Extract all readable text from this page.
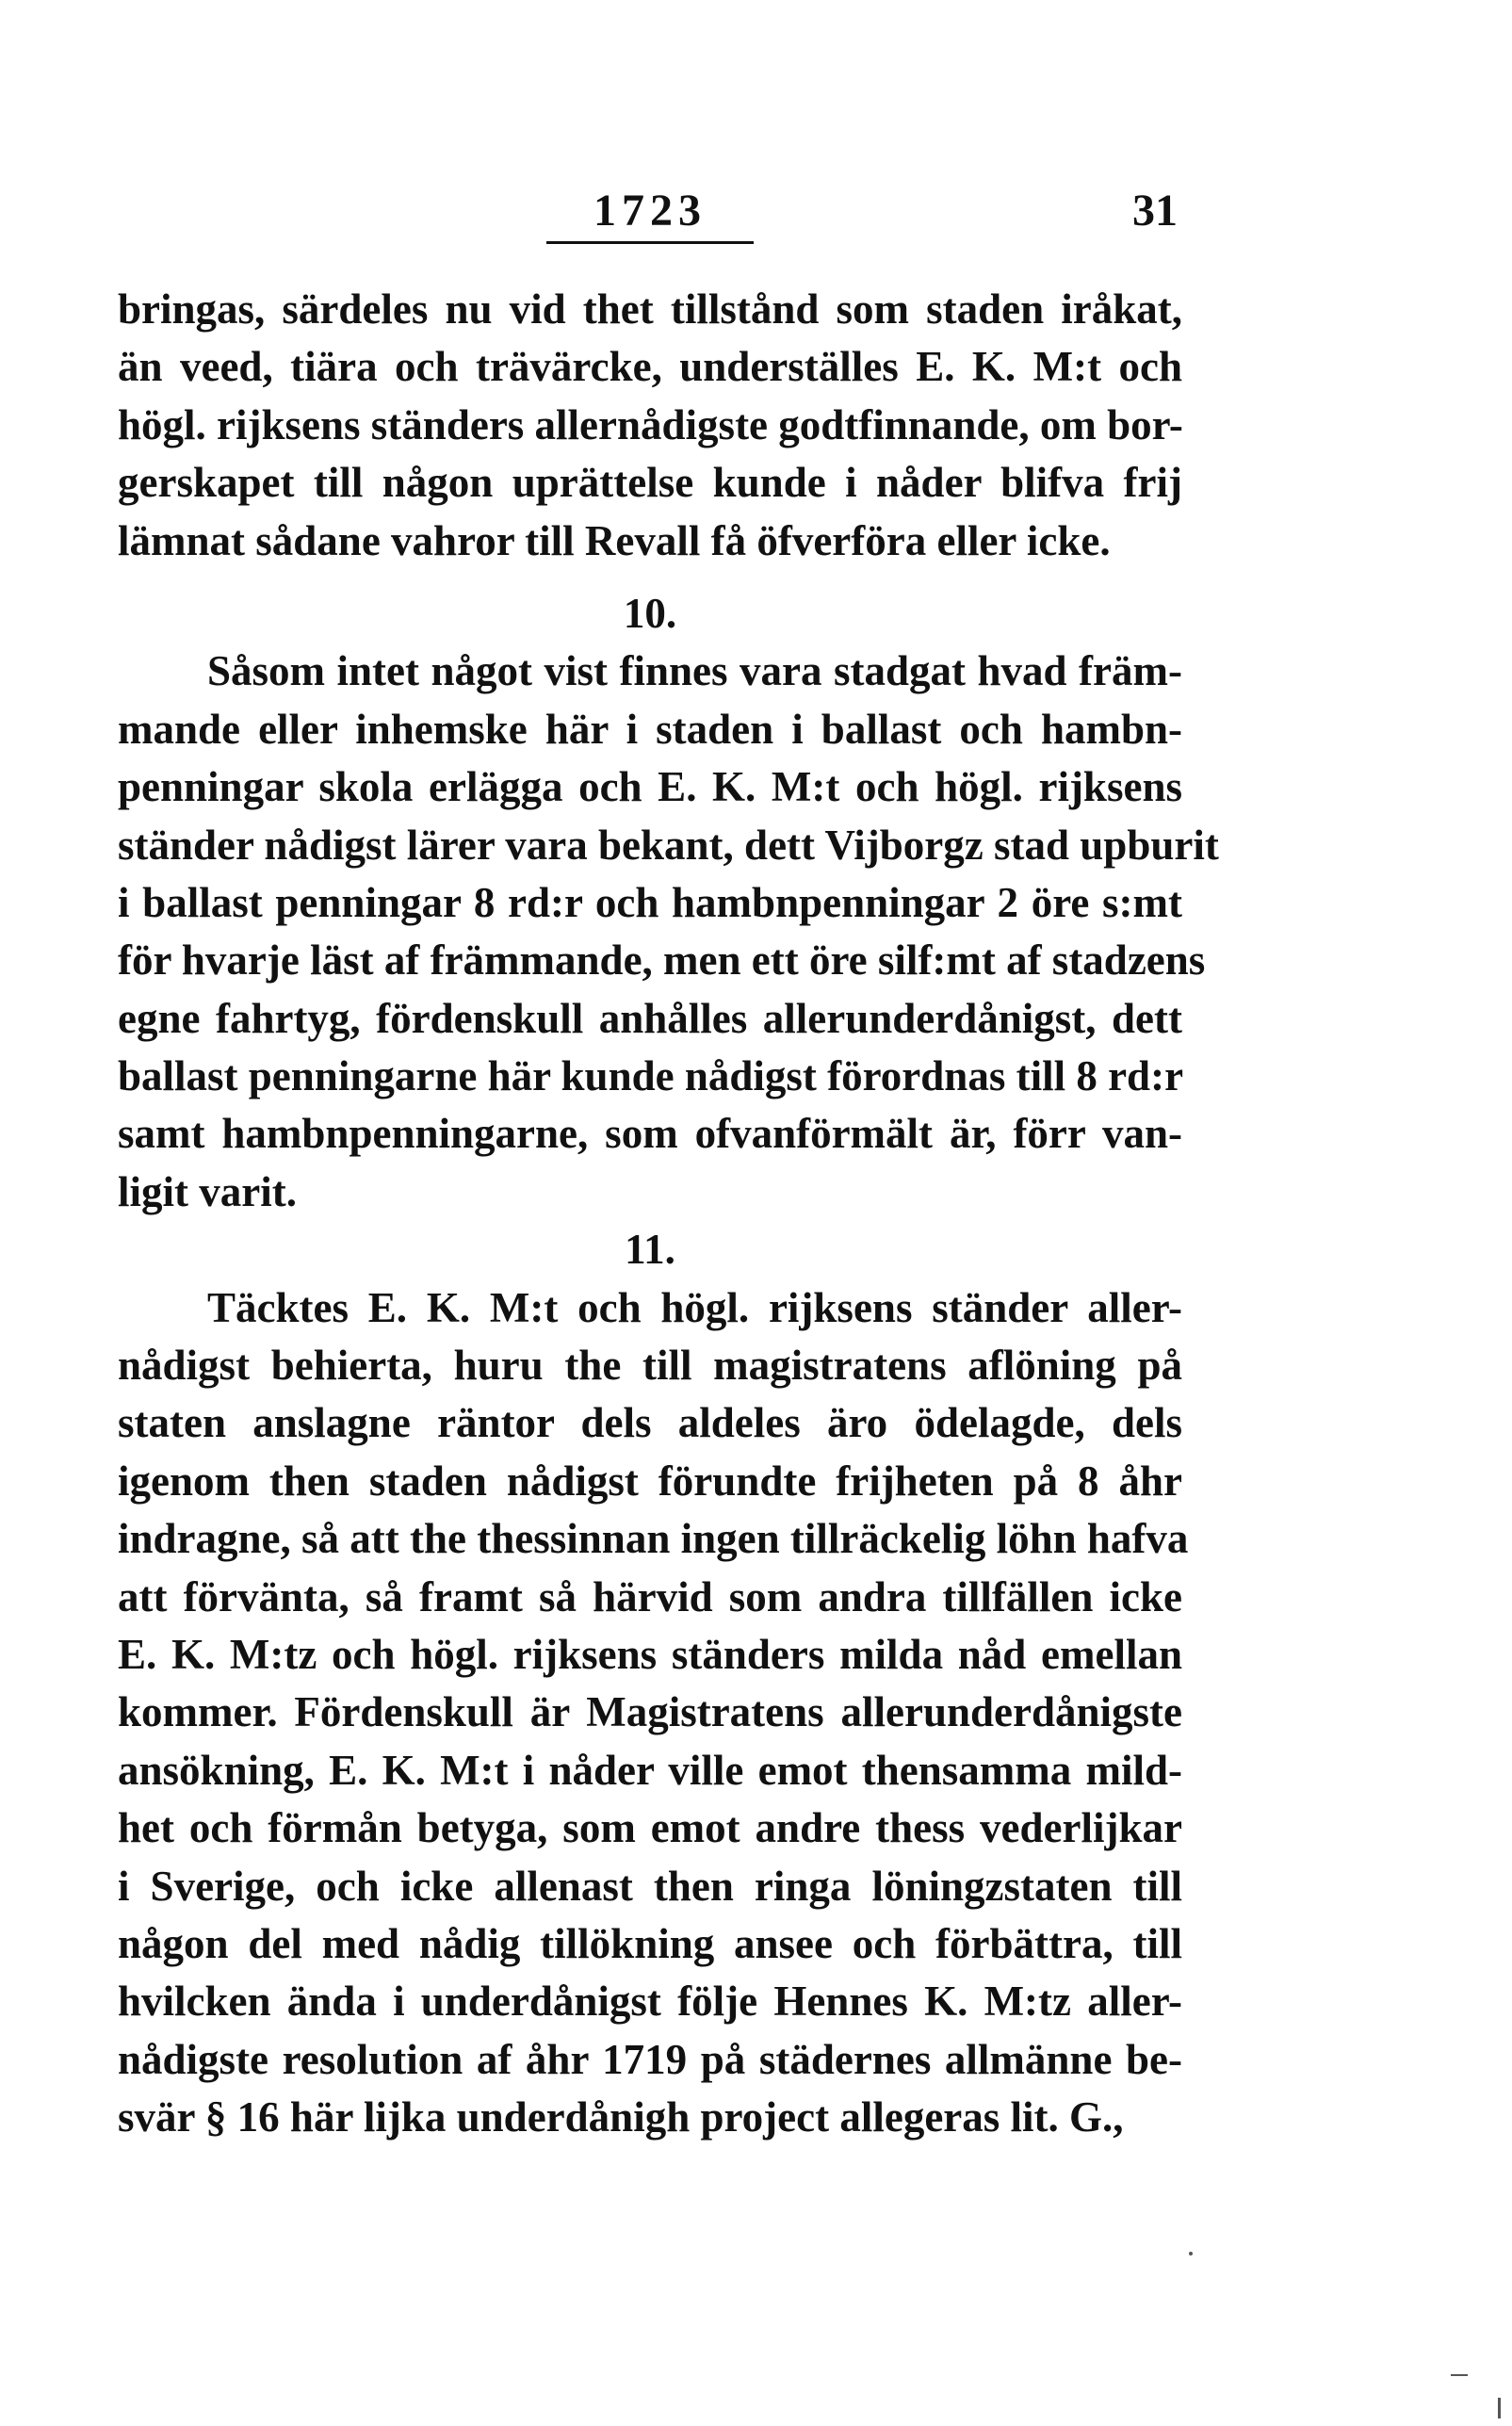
1723	31
bringas, särdeles nu vid thet tillstånd som staden iråkat,
än veed, tiära och trävärcke, underställes E. K. M:t och
högl. rijksens ständers allernådigste godtfinnande, om bor-
gerskapet till någon uprättelse kunde i nåder blifva frij
lämnat sådane vahror till Revall få öfverföra eller icke.
10.
Såsom intet något vist finnes vara stadgat hvad främ-
mande eller inhemske här i staden i ballast och hambn-
penningar skola erlägga och E. K. M:t och högl. rijksens
ständer nådigst lärer vara bekant, dett Vijborgz stad upburit
i ballast penningar 8 rd:r och hambnpenningar 2 öre s:mt
för hvarje läst af främmande, men ett öre silf:mt af stadzens
egne fahrtyg, fördenskull anhålles allerunderdånigst, dett
ballast penningarne här kunde nådigst förordnas till 8 rd:r
samt hambnpenningarne, som ofvanförmält är, förr van-
ligit varit.
11.
Täcktes E. K. M:t och högl. rijksens ständer aller-
nådigst behierta, huru the till magistratens aflöning på
staten anslagne räntor dels aldeles äro ödelagde, dels
igenom then staden nådigst förundte frijheten på 8 åhr
indragne, så att the thessinnan ingen tillräckelig löhn hafva
att förvänta, så framt så härvid som andra tillfällen icke
E. K. M:tz och högl. rijksens ständers milda nåd emellan
kommer. Fördenskull är Magistratens allerunderdånigste
ansökning, E. K. M:t i nåder ville emot thensamma mild-
het och förmån betyga, som emot andre thess vederlijkar
i Sverige, och icke allenast then ringa löningzstaten till
någon del med nådig tillökning ansee och förbättra, till
hvilcken ända i underdånigst följe Hennes K. M:tz aller-
nådigste resolution af åhr 1719 på städernes allmänne be-
svär § 16 här lijka underdånigh project allegeras lit. G.,
